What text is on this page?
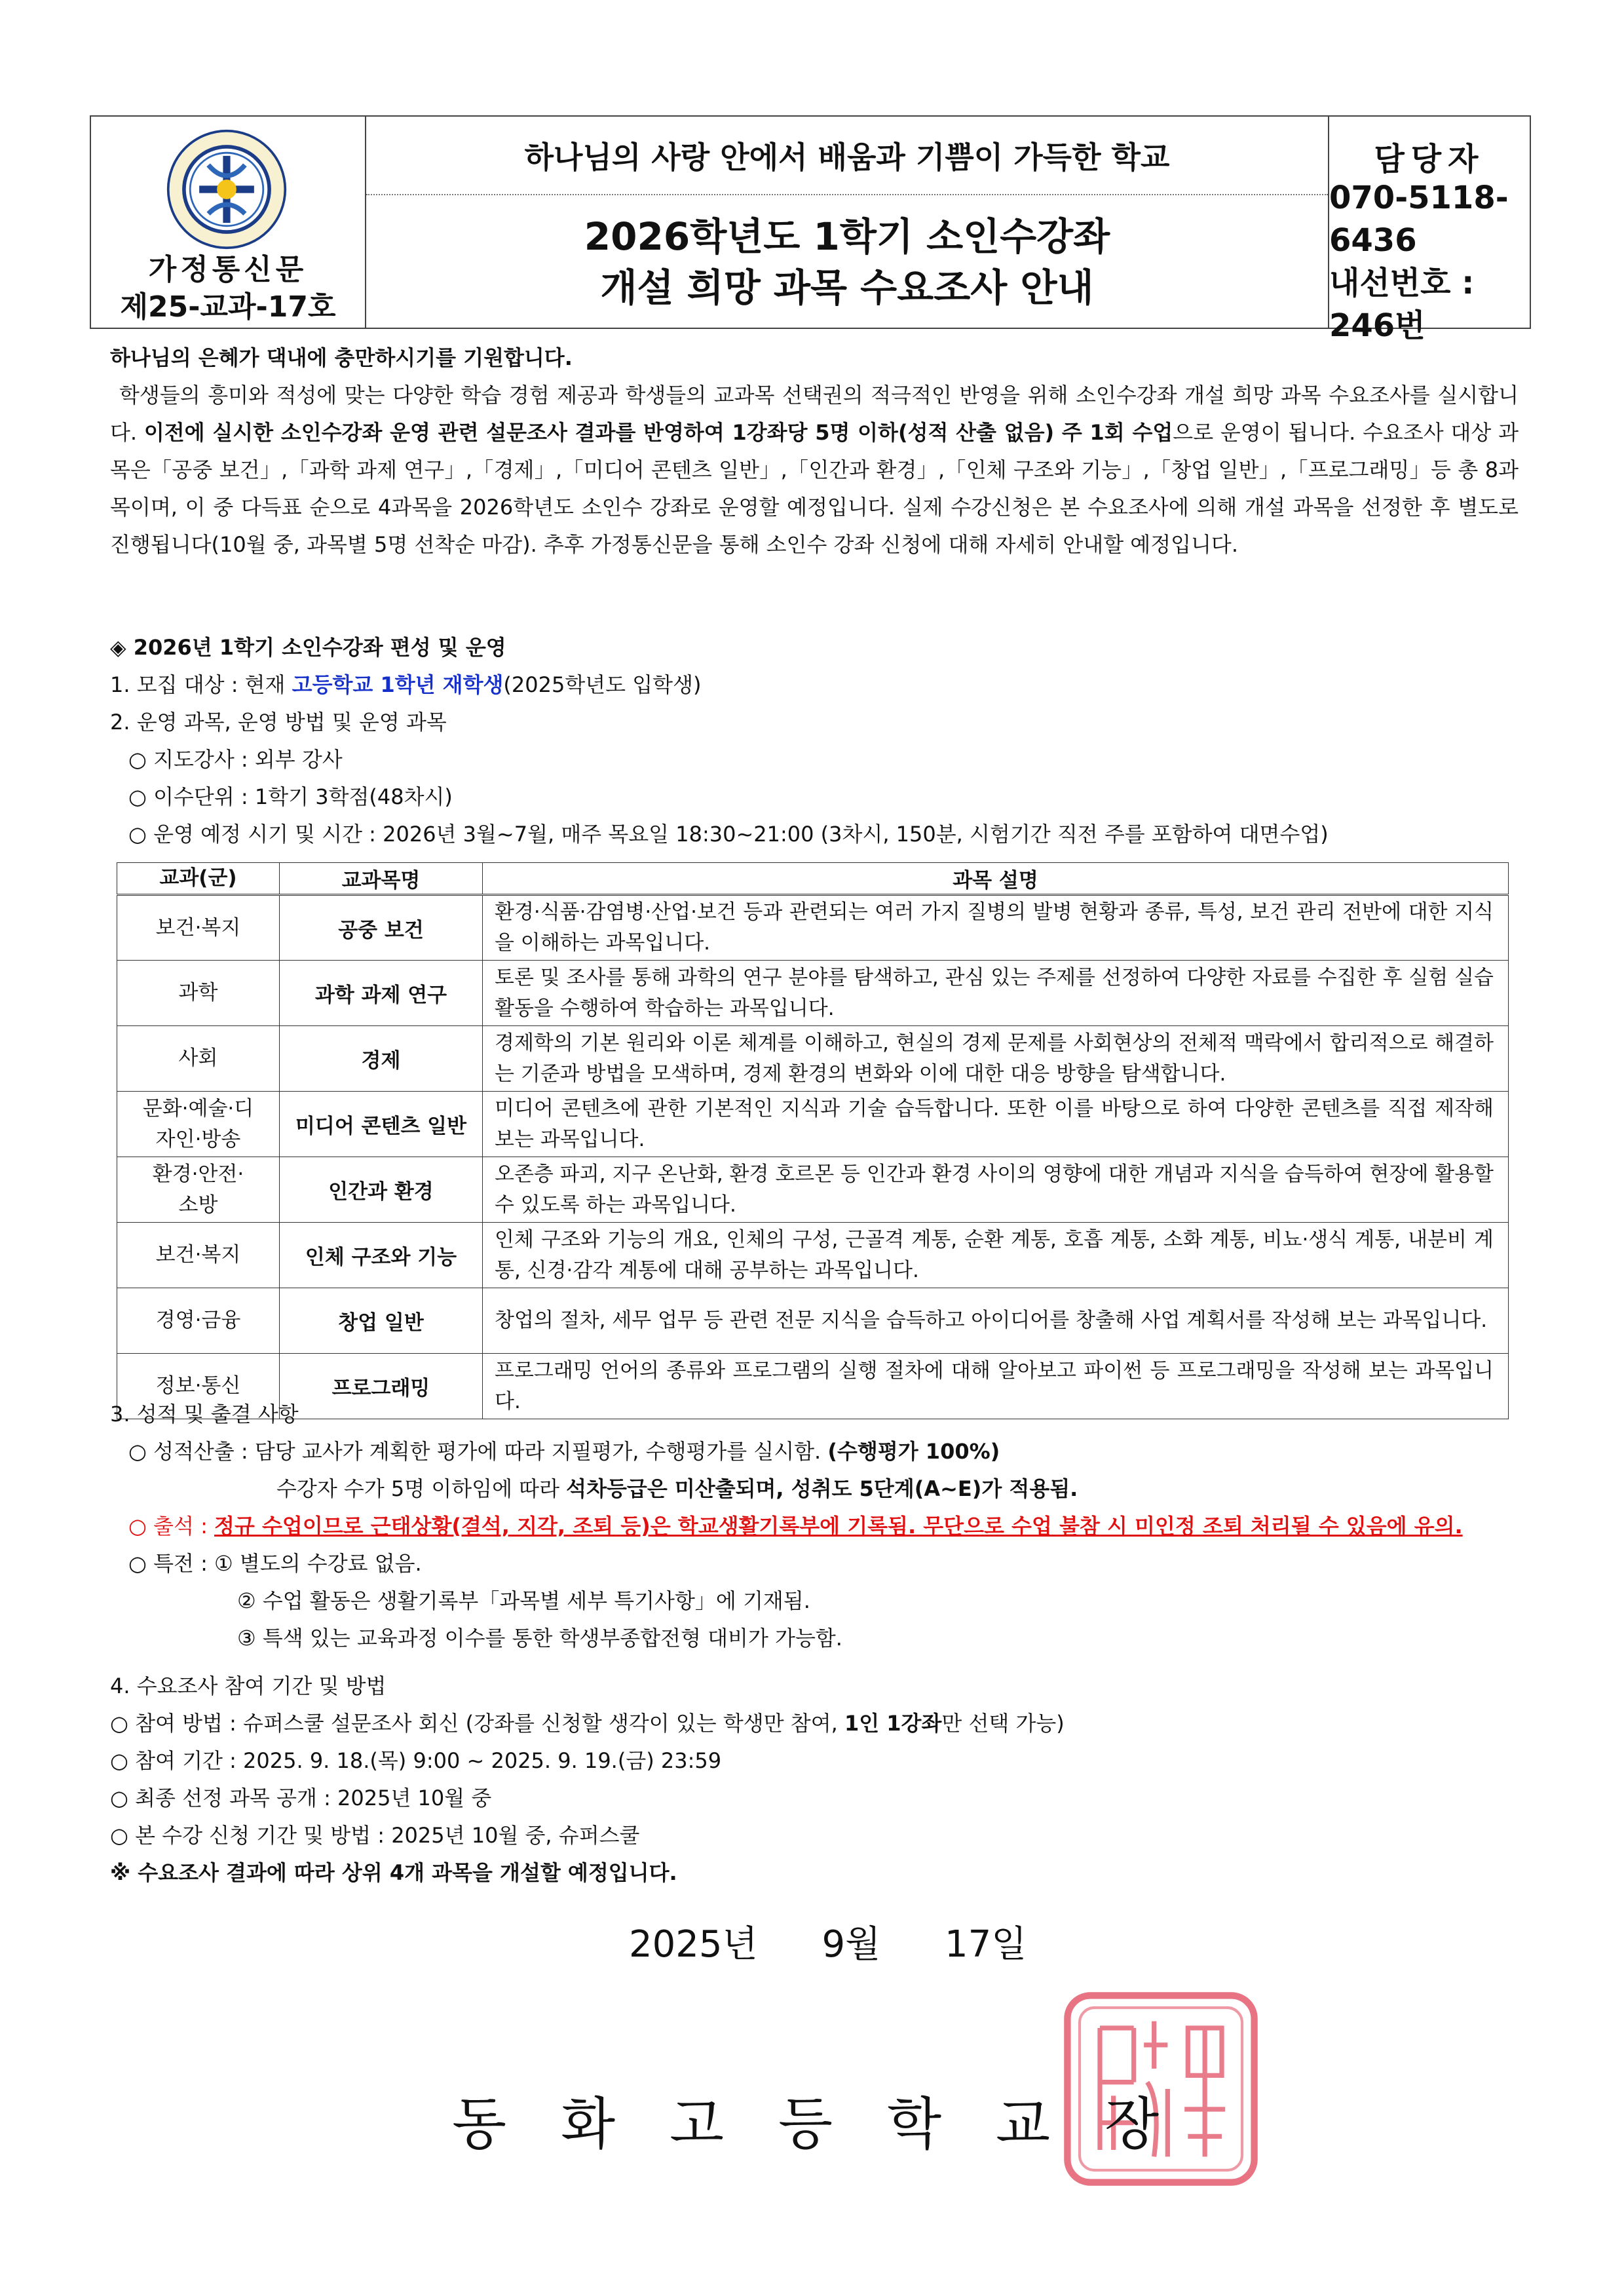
가정통신문
제25-교과-17호
하나님의 사랑 안에서 배움과 기쁨이 가득한 학교
2026학년도 1학기 소인수강좌
개설 희망 과목 수요조사 안내
담당자
070-5118-6436
내선번호 : 246번
하나님의 은혜가 댁내에 충만하시기를 기원합니다.
학생들의 흥미와 적성에 맞는 다양한 학습 경험 제공과 학생들의 교과목 선택권의 적극적인 반영을 위해 소인수강좌 개설 희망 과목 수요조사를 실시합니다. 이전에 실시한 소인수강좌 운영 관련 설문조사 결과를 반영하여 1강좌당 5명 이하(성적 산출 없음) 주 1회 수업으로 운영이 됩니다. 수요조사 대상 과목은「공중 보건」,「과학 과제 연구」,「경제」,「미디어 콘텐츠 일반」,「인간과 환경」,「인체 구조와 기능」,「창업 일반」,「프로그래밍」등 총 8과목이며, 이 중 다득표 순으로 4과목을 2026학년도 소인수 강좌로 운영할 예정입니다. 실제 수강신청은 본 수요조사에 의해 개설 과목을 선정한 후 별도로 진행됩니다(10월 중, 과목별 5명 선착순 마감). 추후 가정통신문을 통해 소인수 강좌 신청에 대해 자세히 안내할 예정입니다.
◈ 2026년 1학기 소인수강좌 편성 및 운영
1. 모집 대상 : 현재 고등학교 1학년 재학생(2025학년도 입학생)
2. 운영 과목, 운영 방법 및 운영 과목
○ 지도강사 : 외부 강사
○ 이수단위 : 1학기 3학점(48차시)
○ 운영 예정 시기 및 시간 : 2026년 3월~7월, 매주 목요일 18:30~21:00 (3차시, 150분, 시험기간 직전 주를 포함하여 대면수업)
교과(군)	교과목명	과목 설명
보건·복지	공중 보건	환경·식품·감염병·산업·보건 등과 관련되는 여러 가지 질병의 발병 현황과 종류, 특성, 보건 관리 전반에 대한 지식을 이해하는 과목입니다.
과학	과학 과제 연구	토론 및 조사를 통해 과학의 연구 분야를 탐색하고, 관심 있는 주제를 선정하여 다양한 자료를 수집한 후 실험 실습 활동을 수행하여 학습하는 과목입니다.
사회	경제	경제학의 기본 원리와 이론 체계를 이해하고, 현실의 경제 문제를 사회현상의 전체적 맥락에서 합리적으로 해결하는 기준과 방법을 모색하며, 경제 환경의 변화와 이에 대한 대응 방향을 탐색합니다.
문화·예술·디자인·방송	미디어 콘텐츠 일반	미디어 콘텐츠에 관한 기본적인 지식과 기술 습득합니다. 또한 이를 바탕으로 하여 다양한 콘텐츠를 직접 제작해 보는 과목입니다.
환경·안전·소방	인간과 환경	오존층 파괴, 지구 온난화, 환경 호르몬 등 인간과 환경 사이의 영향에 대한 개념과 지식을 습득하여 현장에 활용할 수 있도록 하는 과목입니다.
보건·복지	인체 구조와 기능	인체 구조와 기능의 개요, 인체의 구성, 근골격 계통, 순환 계통, 호흡 계통, 소화 계통, 비뇨·생식 계통, 내분비 계통, 신경·감각 계통에 대해 공부하는 과목입니다.
경영·금융	창업 일반	창업의 절차, 세무 업무 등 관련 전문 지식을 습득하고 아이디어를 창출해 사업 계획서를 작성해 보는 과목입니다.
정보·통신	프로그래밍	프로그래밍 언어의 종류와 프로그램의 실행 절차에 대해 알아보고 파이썬 등 프로그래밍을 작성해 보는 과목입니다.
3. 성적 및 출결 사항
○ 성적산출 : 담당 교사가 계획한 평가에 따라 지필평가, 수행평가를 실시함. (수행평가 100%)
수강자 수가 5명 이하임에 따라 석차등급은 미산출되며, 성취도 5단계(A~E)가 적용됨.
○ 출석 : 정규 수업이므로 근태상황(결석, 지각, 조퇴 등)은 학교생활기록부에 기록됨. 무단으로 수업 불참 시 미인정 조퇴 처리될 수 있음에 유의.
○ 특전 : ① 별도의 수강료 없음.
② 수업 활동은 생활기록부「과목별 세부 특기사항」에 기재됨.
③ 특색 있는 교육과정 이수를 통한 학생부종합전형 대비가 가능함.
4. 수요조사 참여 기간 및 방법
○ 참여 방법 : 슈퍼스쿨 설문조사 회신 (강좌를 신청할 생각이 있는 학생만 참여, 1인 1강좌만 선택 가능)
○ 참여 기간 : 2025. 9. 18.(목) 9:00 ~ 2025. 9. 19.(금) 23:59
○ 최종 선정 과목 공개 : 2025년 10월 중
○ 본 수강 신청 기간 및 방법 : 2025년 10월 중, 슈퍼스쿨
※ 수요조사 결과에 따라 상위 4개 과목을 개설할 예정입니다.
2025년 9월 17일
동 화 고 등 학 교 장
